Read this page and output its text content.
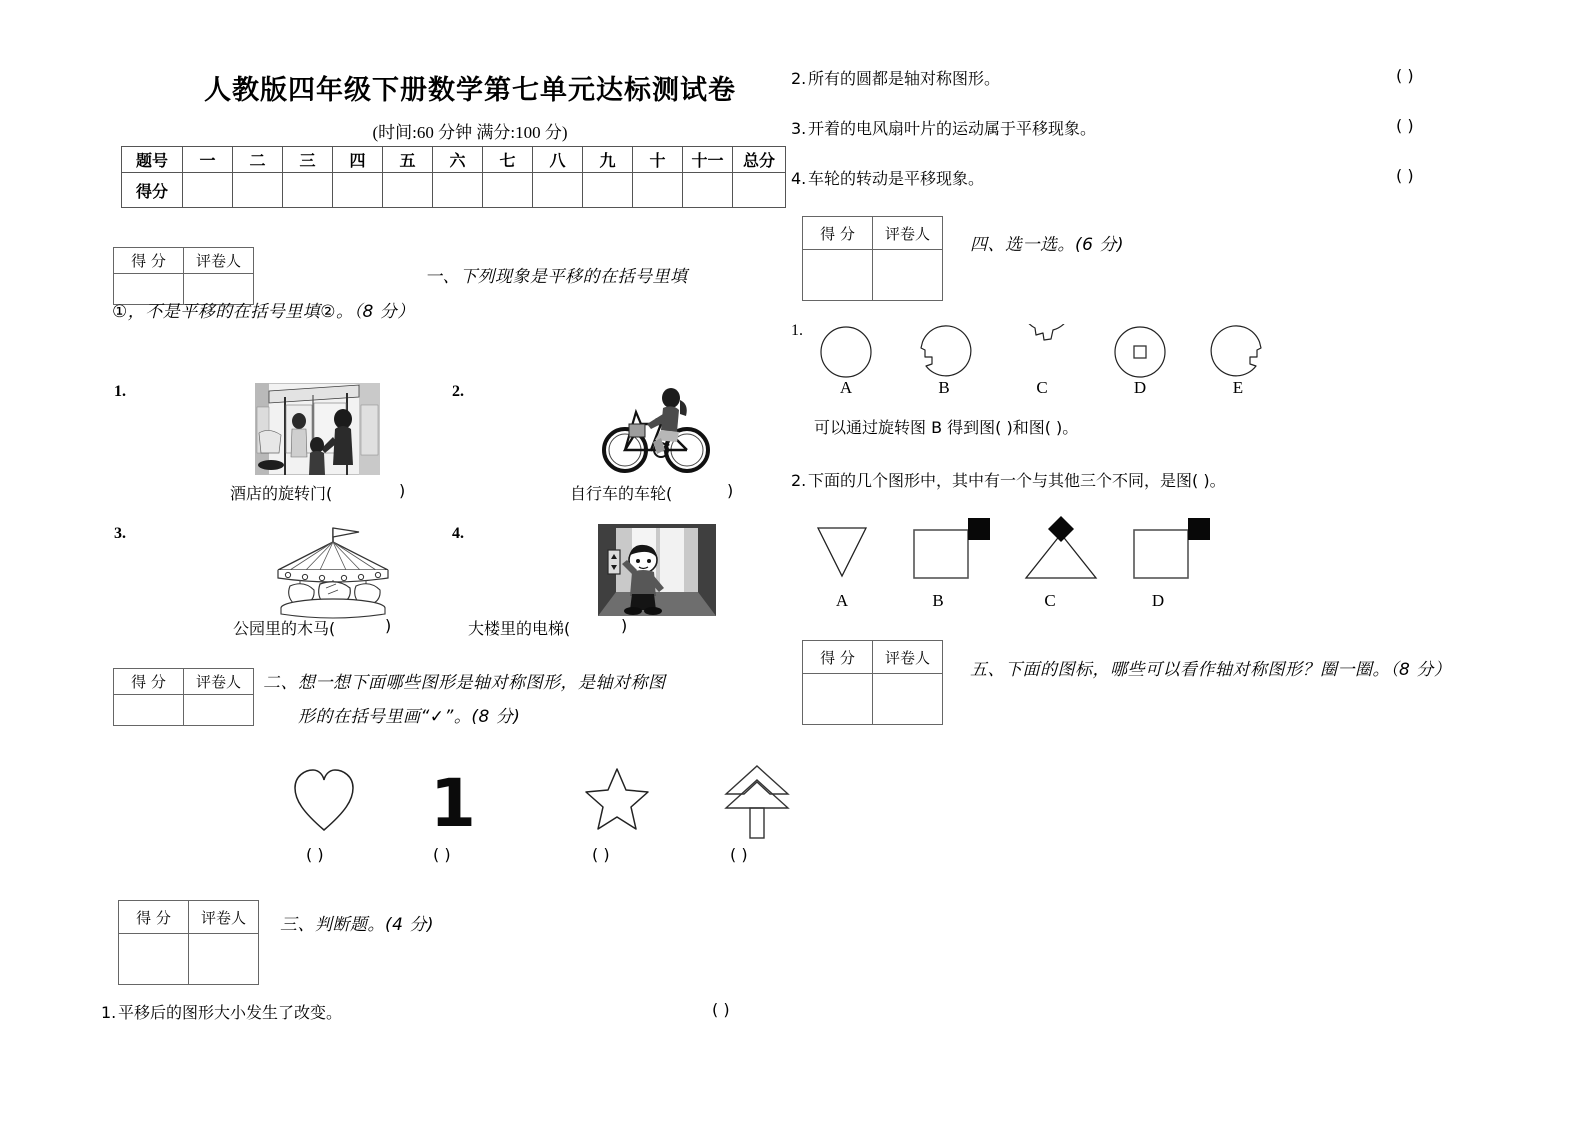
人教版四年级下册数学第七单元达标测试卷
(时间:60 分钟 满分:100 分)
题号	一	二	三	四	五	六	七	八	九	十	十一	总分
得分												
得 分	评卷人

一、下列现象是平移的在括号里填
①，不是平移的在括号里填②。（8 分）
1.
酒店的旋转门(	)
2.
自行车的车轮(	)
3.
公园里的木马(	)
4.
大楼里的电梯(	)
得 分	评卷人
	二、想一想下面哪些图形是轴对称图形，是轴对称图
形的在括号里画“✓”。(8 分)
1
( )	( )	( )	( )
得 分	评卷人
	三、判断题。(4 分)
1. 平移后的图形大小发生了改变。	( )
2. 所有的圆都是轴对称图形。	( )
3. 开着的电风扇叶片的运动属于平移现象。	( )
4. 车轮的转动是平移现象。	( )
得 分	评卷人

四、选一选。(6 分)
1.
A	B	C	D	E
可以通过旋转图 B 得到图( )和图( )。
2. 下面的几个图形中，其中有一个与其他三个不同，是图( )。
A	B	C	D
得 分	评卷人

五、下面的图标，哪些可以看作轴对称图形？圈一圈。（8 分）
